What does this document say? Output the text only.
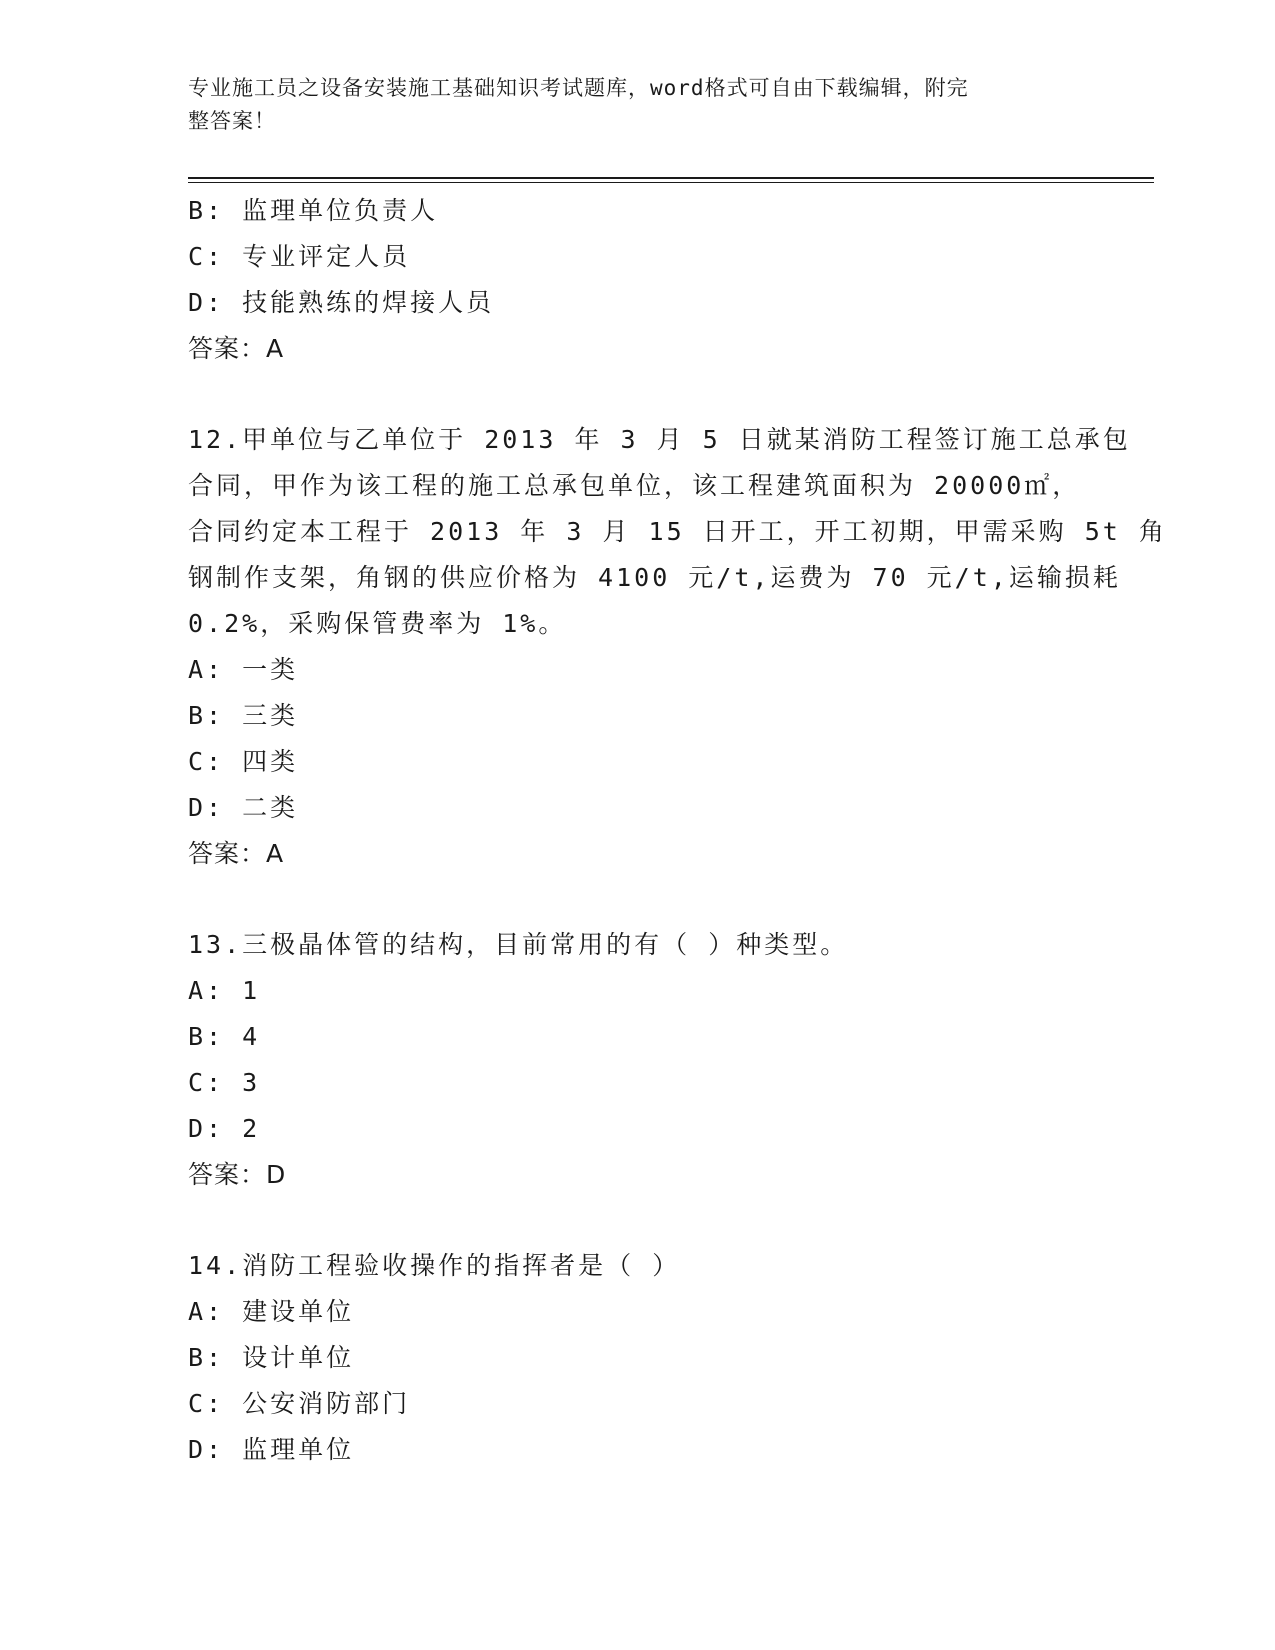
专业施工员之设备安装施工基础知识考试题库，word格式可自由下载编辑，附完
整答案！
B: 监理单位负责人
C: 专业评定人员
D: 技能熟练的焊接人员
答案：A
12.甲单位与乙单位于 2013 年 3 月 5 日就某消防工程签订施工总承包
合同，甲作为该工程的施工总承包单位，该工程建筑面积为 20000㎡，
合同约定本工程于 2013 年 3 月 15 日开工，开工初期，甲需采购 5t 角
钢制作支架，角钢的供应价格为 4100 元/t,运费为 70 元/t,运输损耗
0.2%，采购保管费率为 1%。
A: 一类
B: 三类
C: 四类
D: 二类
答案：A
13.三极晶体管的结构，目前常用的有（ ）种类型。
A: 1
B: 4
C: 3
D: 2
答案：D
14.消防工程验收操作的指挥者是（ ）
A: 建设单位
B: 设计单位
C: 公安消防部门
D: 监理单位
